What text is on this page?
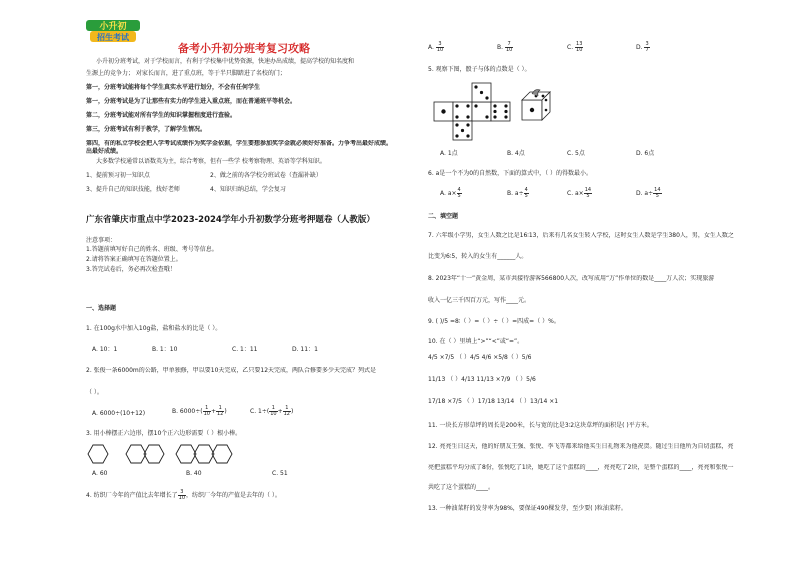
小升初
招生考试
备考小升初分班考复习攻略
小升初分班考试，对于学校而言，有利于学校集中优势资源，快速办出成绩，提高学校的知名度和
生源上的竞争力； 对家长而言，进了重点班，等于半只脚踏进了名校的门；
第一，分班考试能将每个学生真实水平进行划分，不会有任何学生
第一，分班考试是为了让那些有实力的学生进入重点班，而在普通班平等机会。
第二，分班考试能对所有学生的知识掌握程度进行查验。
第三，分班考试有利于教学，了解学生情况。
第四，有的私立学校会把入学考试成绩作为奖学金依据，学生要想参加奖学金就必须好好准备。力争考出最好成绩。
出最好成绩。
大多数学校通常以语数英为主，综合考察，但有一些学 校考察物理、英语等学科知识。
1、提前预习初一知识点	2、做之前的各学校分班试卷（查漏补缺）
3、提升自己的知识技能，找好老师	4、知识归纳总结，学会复习
广东省肇庆市重点中学2023-2024学年小升初数学分班考押题卷（人教版）
注意事项：
1.答题前填写好自己的姓名、班级、考号等信息。
2.请将答案正确填写在答题位置上。
3.答完试卷后，务必再次检查哦！
一、选择题
1. 在100g水中加入10g盐，盐和盐水的比是（ ）。
A. 10：1	B. 1：10	C. 1：11	D. 11：1
2. 张俊一条6000m的公路，甲单独修，甲以要10天完成，乙只要12天完成，两队合修要多少天完成？列式是
（ ）。
A. 6000÷(10+12)	B. $6000\div( \frac{1}{10} + \frac{1}{12}$ )	C. $1\div( \frac{1}{10} + \frac{1}{12}$ )
3. 用小棒摆正六边形，摆10个正六边形需要（ ）根小棒。
A. 60	B. 40	C. 51
4. 纺织厂今年的产值比去年增长了 $\frac{3}{10}$ ，纺织厂今年的产值是去年的（ ）。
A. $\frac{3}{10}$	B. $\frac{7}{10}$	C. $\frac{13}{10}$	D. $\frac{3}{7}$
5. 观察下图，骰子与体的点数是（ ）。
A. 1点	B. 4点	C. 5点	D. 6点
6. a是一个不为0的自然数，下面的算式中，（ ）的得数最小。
A. $a\times \frac{4}{5}$	B. $a\div \frac{4}{5}$	C. $a\times \frac{14}{5}$	D. $a\div \frac{14}{5}$
二、填空题
7. 六年级小学男，女生人数之比是16∶13，后来有几名女生转入学校，这时女生人数是学生380人，男，女生人数之
比变为6∶5，转入的女生有______人。
8. 2023年“十一”黄金周，某市共接待游客566800人次，改写成用“万”作单位的数是____万人次；实现旅游
收入一亿三千四百万元，写作____元。
9. ( )/5 =8∶（ ）=（ ）÷（ ）=四成=（ ）%。
10. 在（ ）里填上“>”“<”或“=”。
4/5 ×7/5 （ ）4/5 4/6 ×5/8（ ）5/6
11/13 （ ）4/13 11/13 ×7/9 （ ）5/6
17/18 ×7/5 （ ）17/18 13/14 （ ）13/14 ×1
11. 一块长方形草坪的周长是200米，长与宽的比是3∶2这块草坪的面积是( )平方米。
12. 亮亮生日这天，他的好朋友王强、张悦、李飞等都来给他买生日礼物来为他祝贺。随过生日他所为自切蛋糕，亮
亮把蛋糕平均分成了8份，张悦吃了1块，她吃了这个蛋糕的____，亮亮吃了2块，是整个蛋糕的____，亮亮和张悦一
共吃了这个蛋糕的____。
13. 一种油菜籽的发芽率为98%，要保证490棵发芽，至少要( )粒油菜籽。
